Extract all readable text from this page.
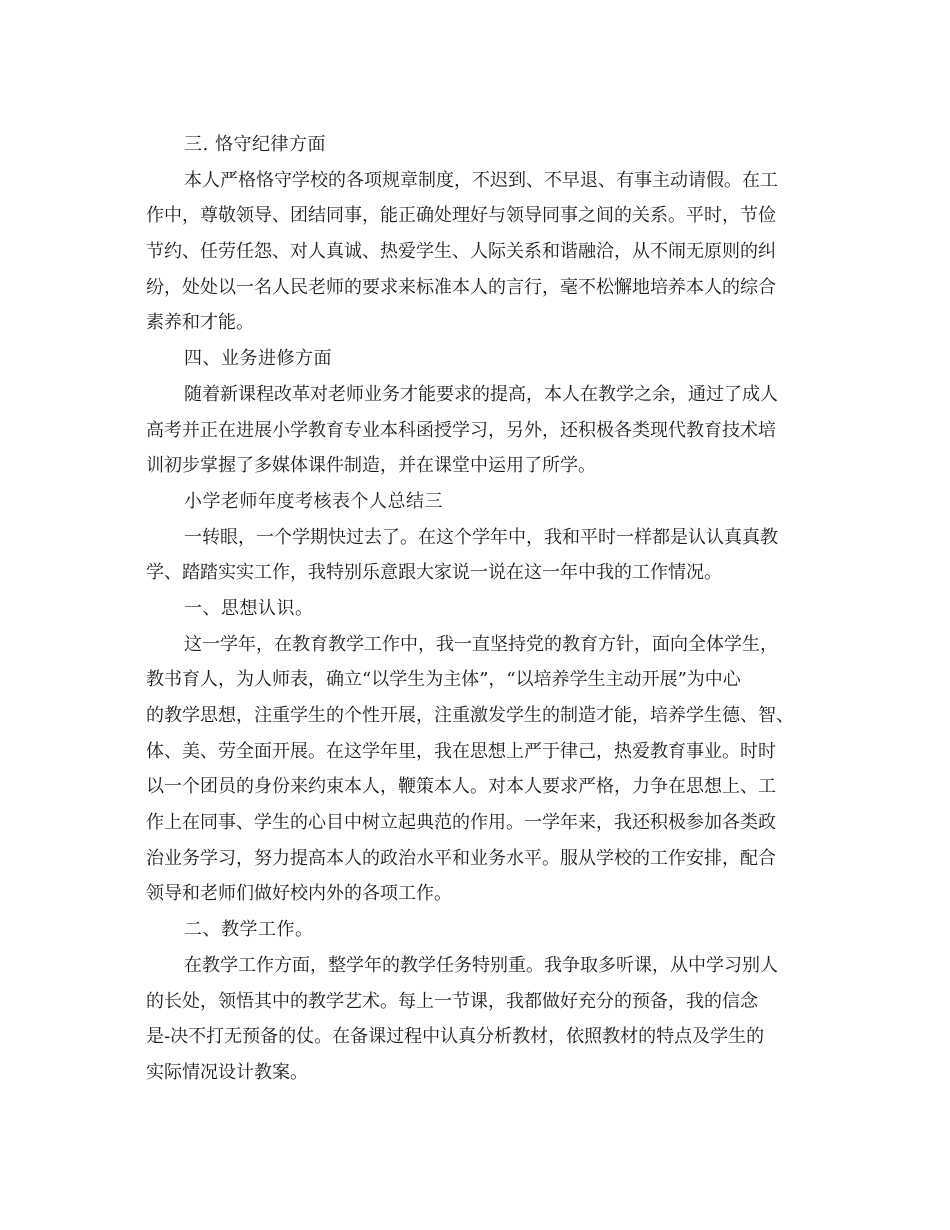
三. 恪守纪律方面
本人严格恪守学校的各项规章制度，不迟到、不早退、有事主动请假。在工
作中，尊敬领导、团结同事，能正确处理好与领导同事之间的关系。平时，节俭
节约、任劳任怨、对人真诚、热爱学生、人际关系和谐融洽，从不闹无原则的纠
纷，处处以一名人民老师的要求来标准本人的言行，毫不松懈地培养本人的综合
素养和才能。
四、业务进修方面
随着新课程改革对老师业务才能要求的提高，本人在教学之余，通过了成人
高考并正在进展小学教育专业本科函授学习，另外，还积极各类现代教育技术培
训初步掌握了多媒体课件制造，并在课堂中运用了所学。
小学老师年度考核表个人总结三
一转眼，一个学期快过去了。在这个学年中，我和平时一样都是认认真真教
学、踏踏实实工作，我特别乐意跟大家说一说在这一年中我的工作情况。
一、思想认识。
这一学年，在教育教学工作中，我一直坚持党的教育方针，面向全体学生，
教书育人，为人师表，确立“以学生为主体”，“以培养学生主动开展”为中心
的教学思想，注重学生的个性开展，注重激发学生的制造才能，培养学生德、智、
体、美、劳全面开展。在这学年里，我在思想上严于律己，热爱教育事业。时时
以一个团员的身份来约束本人，鞭策本人。对本人要求严格，力争在思想上、工
作上在同事、学生的心目中树立起典范的作用。一学年来，我还积极参加各类政
治业务学习，努力提高本人的政治水平和业务水平。服从学校的工作安排，配合
领导和老师们做好校内外的各项工作。
二、教学工作。
在教学工作方面，整学年的教学任务特别重。我争取多听课，从中学习别人
的长处，领悟其中的教学艺术。每上一节课，我都做好充分的预备，我的信念
是-决不打无预备的仗。在备课过程中认真分析教材，依照教材的特点及学生的
实际情况设计教案。
